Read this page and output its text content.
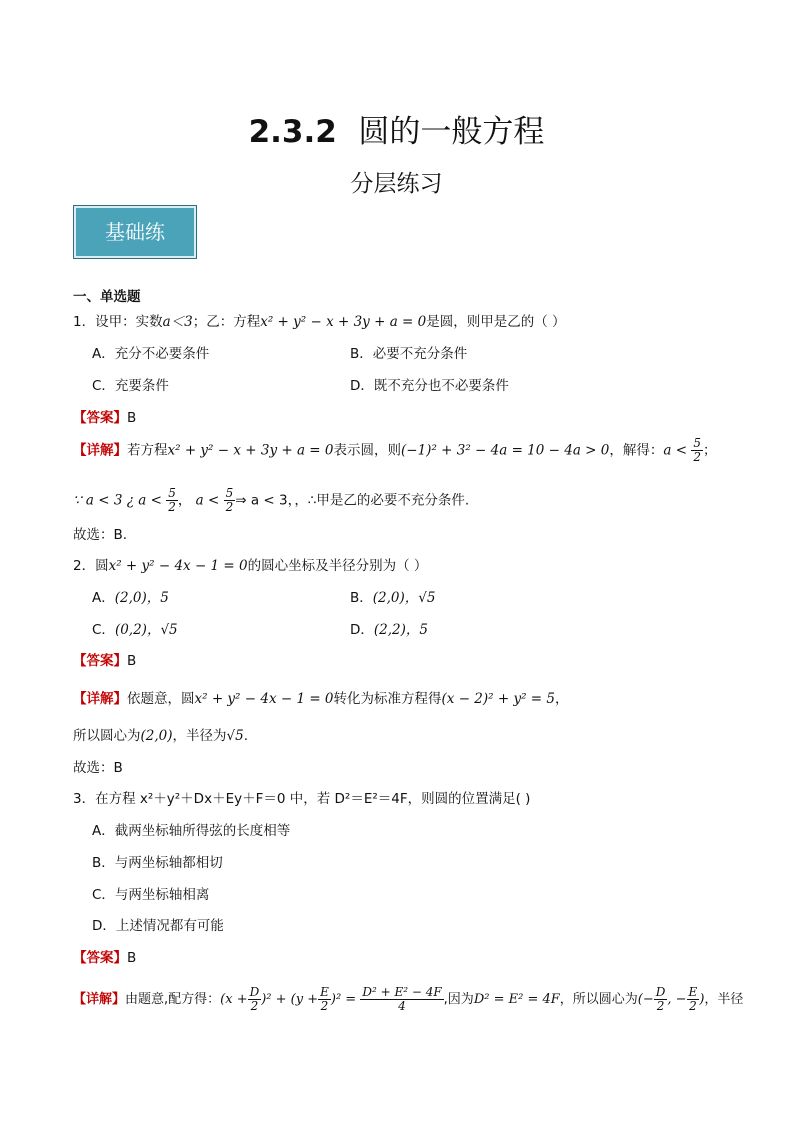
2.3.2 圆的一般方程
分层练习
基础练
一、单选题
1．设甲：实数a＜3；乙：方程x² + y² − x + 3y + a = 0是圆，则甲是乙的（ ）
A．充分不必要条件	B．必要不充分条件
C．充要条件	D．既不充分也不必要条件
【答案】B
【详解】若方程x² + y² − x + 3y + a = 0表示圆，则(−1)² + 3² − 4a = 10 − 4a > 0，解得：$a < \frac{5}{2}$ ；
∵ a < 3 ¿ $a < \frac{5}{2}$ ， $a < \frac{5}{2}$ ⇒ a < 3，，∴甲是乙的必要不充分条件.
故选：B.
2．圆x² + y² − 4x − 1 = 0的圆心坐标及半径分别为（ ）
A．(2,0)，5	B．(2,0)，√5
C．(0,2)，√5	D．(2,2)，5
【答案】B
【详解】依题意，圆x² + y² − 4x − 1 = 0转化为标准方程得(x − 2)² + y² = 5，
所以圆心为(2,0)，半径为√5.
故选：B
3．在方程 x²＋y²＋Dx＋Ey＋F＝0 中，若 D²＝E²＝4F，则圆的位置满足( )
A．截两坐标轴所得弦的长度相等
B．与两坐标轴都相切
C．与两坐标轴相离
D．上述情况都有可能
【答案】B
【详解】由题意,配方得：$(x + \frac{D}{2} )^2 + (y + \frac{E}{2} )^2 = \frac{\text{D² + E² − 4F}}{4}$ ,因为D² = E² = 4F，所以圆心为(− $\frac{D}{2}$ , − $\frac{E}{2}$ )，半径
